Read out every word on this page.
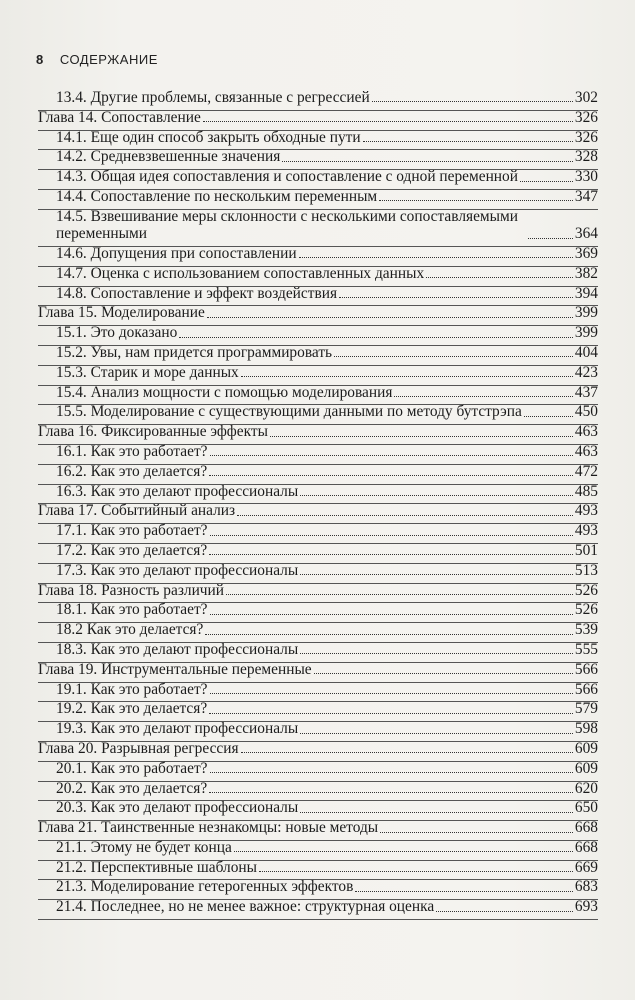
8 СОДЕРЖАНИЕ
13.4. Другие проблемы, связанные с регрессией	302
Глава 14. Сопоставление	326
14.1. Еще один способ закрыть обходные пути	326
14.2. Средневзвешенные значения	328
14.3. Общая идея сопоставления и сопоставление с одной переменной	330
14.4. Сопоставление по нескольким переменным	347
14.5. Взвешивание меры склонности с несколькими сопоставляемыми переменными	364
14.6. Допущения при сопоставлении	369
14.7. Оценка с использованием сопоставленных данных	382
14.8. Сопоставление и эффект воздействия	394
Глава 15. Моделирование	399
15.1. Это доказано	399
15.2. Увы, нам придется программировать	404
15.3. Старик и море данных	423
15.4. Анализ мощности с помощью моделирования	437
15.5. Моделирование с существующими данными по методу бутстрэпа	450
Глава 16. Фиксированные эффекты	463
16.1. Как это работает?	463
16.2. Как это делается?	472
16.3. Как это делают профессионалы	485
Глава 17. Событийный анализ	493
17.1. Как это работает?	493
17.2. Как это делается?	501
17.3. Как это делают профессионалы	513
Глава 18. Разность различий	526
18.1. Как это работает?	526
18.2 Как это делается?	539
18.3. Как это делают профессионалы	555
Глава 19. Инструментальные переменные	566
19.1. Как это работает?	566
19.2. Как это делается?	579
19.3. Как это делают профессионалы	598
Глава 20. Разрывная регрессия	609
20.1. Как это работает?	609
20.2. Как это делается?	620
20.3. Как это делают профессионалы	650
Глава 21. Таинственные незнакомцы: новые методы	668
21.1. Этому не будет конца	668
21.2. Перспективные шаблоны	669
21.3. Моделирование гетерогенных эффектов	683
21.4. Последнее, но не менее важное: структурная оценка	693
